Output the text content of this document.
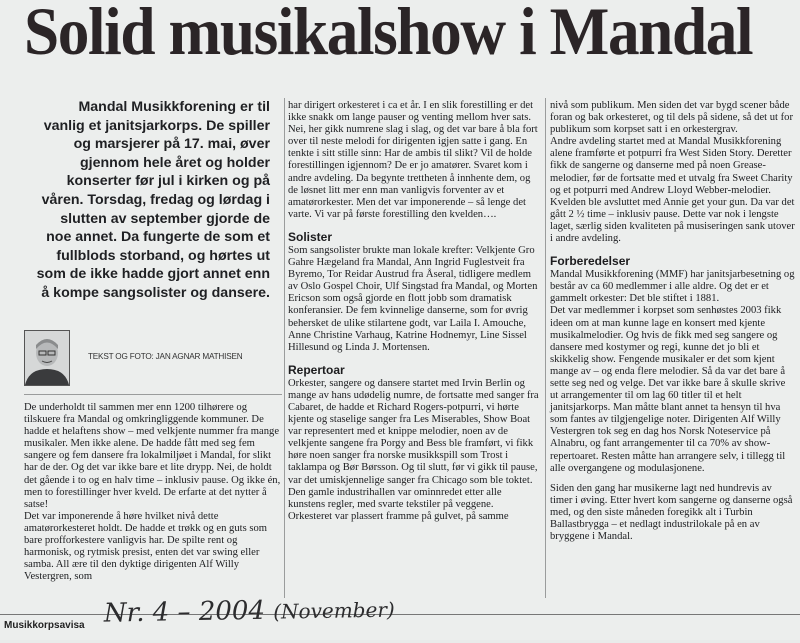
Solid musikalshow i Mandal
Mandal Musikkforening er til vanlig et janitsjarkorps. De spiller og marsjerer på 17. mai, øver gjennom hele året og holder konserter før jul i kirken og på våren. Torsdag, fredag og lørdag i slutten av september gjorde de noe annet. Da fungerte de som et fullblods storband, og hørtes ut som de ikke hadde gjort annet enn å kompe sangsolister og dansere.
TEKST OG FOTO: JAN AGNAR MATHISEN

De underholdt til sammen mer enn 1200 tilhørere og tilskuere fra Mandal og omkringliggende kommuner. De hadde et helaftens show – med velkjente nummer fra mange musikaler. Men ikke alene. De hadde fått med seg fem sangere og fem dansere fra lokalmiljøet i Mandal, for slikt har de der. Og det var ikke bare et lite drypp. Nei, de holdt det gående i to og en halv time – inklusiv pause. Og ikke én, men to forestillinger hver kveld. De erfarte at det nytter å satse!

Det var imponerende å høre hvilket nivå dette amatørorkesteret holdt. De hadde et trøkk og en guts som bare profforkestere vanligvis har. De spilte rent og harmonisk, og rytmisk presist, enten det var swing eller samba. All ære til den dyktige dirigenten Alf Willy Vestergren, som

har dirigert orkesteret i ca et år. I en slik forestilling er det ikke snakk om lange pauser og venting mellom hver sats. Nei, her gikk numrene slag i slag, og det var bare å bla fort over til neste melodi for dirigenten igjen satte i gang. En tenkte i sitt stille sinn: Har de ambis til slikt? Vil de holde forestillingen igjennom? De er jo amatører. Svaret kom i andre avdeling. Da begynte trettheten å innhente dem, og de løsnet litt mer enn man vanligvis forventer av et amatørorkester. Men det var imponerende – så lenge det varte. Vi var på første forestilling den kvelden….

Solister

Som sangsolister brukte man lokale krefter: Velkjente Gro Gahre Hægeland fra Mandal, Ann Ingrid Fuglestveit fra Byremo, Tor Reidar Austrud fra Åseral, tidligere medlem av Oslo Gospel Choir, Ulf Singstad fra Mandal, og Morten Ericson som også gjorde en flott jobb som dramatisk konferansier. De fem kvinnelige danserne, som for øvrig behersket de ulike stilartene godt, var Laila I. Amouche, Anne Christine Varhaug, Katrine Hodnemyr, Line Sissel Hillesund og Linda J. Mortensen.

Repertoar

Orkester, sangere og dansere startet med Irvin Berlin og mange av hans udødelig numre, de fortsatte med sanger fra Cabaret, de hadde et Richard Rogers-potpurri, vi hørte kjente og staselige sanger fra Les Miserables, Show Boat var representert med et knippe melodier, noen av de velkjente sangene fra Porgy and Bess ble framført, vi fikk høre noen sanger fra norske musikkspill som Trost i taklampa og Bør Børsson. Og til slutt, før vi gikk til pause, var det umiskjennelige sanger fra Chicago som ble toktet.

Den gamle industrihallen var ominnredet etter alle kunstens regler, med svarte tekstiler på veggene. Orkesteret var plassert framme på gulvet, på samme

nivå som publikum. Men siden det var bygd scener både foran og bak orkesteret, og til dels på sidene, så det ut for publikum som korpset satt i en orkestergrav.

Andre avdeling startet med at Mandal Musikkforening alene framførte et potpurri fra West Siden Story. Deretter fikk de sangerne og danserne med på noen Grease-melodier, før de fortsatte med et utvalg fra Sweet Charity og et potpurri med Andrew Lloyd Webber-melodier. Kvelden ble avsluttet med Annie get your gun. Da var det gått 2 ½ time – inklusiv pause. Dette var nok i lengste laget, særlig siden kvaliteten på musiseringen sank utover i andre avdeling.

Forberedelser

Mandal Musikkforening (MMF) har janitsjarbesetning og består av ca 60 medlemmer i alle aldre. Og det er et gammelt orkester: Det ble stiftet i 1881.

Det var medlemmer i korpset som senhøstes 2003 fikk ideen om at man kunne lage en konsert med kjente musikalmelodier. Og hvis de fikk med seg sangere og dansere med kostymer og regi, kunne det jo bli et skikkelig show. Fengende musikaler er det som kjent mange av – og enda flere melodier. Så da var det bare å sette seg ned og velge. Det var ikke bare å skulle skrive ut arrangementer til om lag 60 titler til et helt janitsjarkorps. Man måtte blant annet ta hensyn til hva som fantes av tilgjengelige noter. Dirigenten Alf Willy Vestergren tok seg en dag hos Norsk Noteservice på Alnabru, og fant arrangementer til ca 70% av show-repertoaret. Resten måtte han arrangere selv, i tillegg til alle overgangene og modulasjonene.

Siden den gang har musikerne lagt ned hundrevis av timer i øving. Etter hvert kom sangerne og danserne også med, og den siste måneden foregikk alt i Turbin Ballastbrygga – et nedlagt industrilokale på en av bryggene i Mandal.

Musikkorpsavisa Nr. 4 – 2004 (November)
